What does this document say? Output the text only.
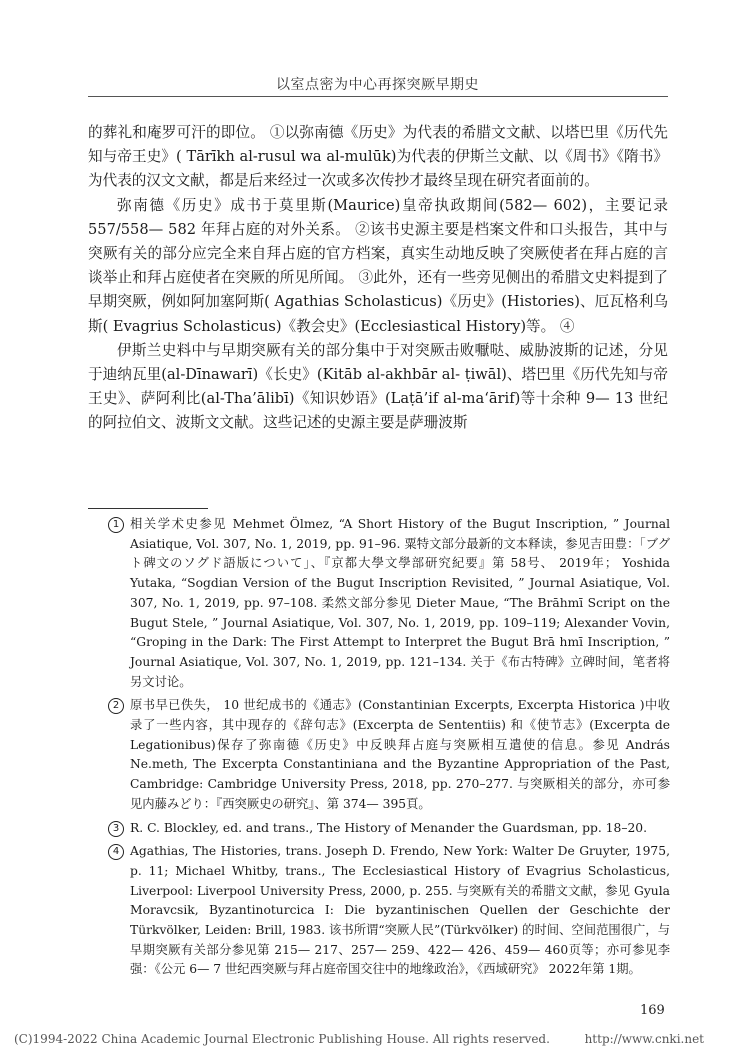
以室点密为中心再探突厥早期史

的葬礼和庵罗可汗的即位。 ①以弥南德《历史》为代表的希腊文文献、以塔巴里《历代先知与帝王史》( Tārīkh al-rusul wa al-mulūk)为代表的伊斯兰文献、以《周书》《隋书》为代表的汉文文献，都是后来经过一次或多次传抄才最终呈现在研究者面前的。

弥南德《历史》成书于莫里斯(Maurice)皇帝执政期间(582— 602)，主要记录 557/558— 582 年拜占庭的对外关系。 ②该书史源主要是档案文件和口头报告，其中与突厥有关的部分应完全来自拜占庭的官方档案，真实生动地反映了突厥使者在拜占庭的言谈举止和拜占庭使者在突厥的所见所闻。 ③此外，还有一些旁见侧出的希腊文史料提到了早期突厥，例如阿加塞阿斯( Agathias Scholasticus)《历史》(Histories)、厄瓦格利乌斯( Evagrius Scholasticus)《教会史》(Ecclesiastical History)等。 ④

伊斯兰史料中与早期突厥有关的部分集中于对突厥击败嚈哒、威胁波斯的记述，分见于迪纳瓦里(al-Dīnawarī)《长史》(Kitāb al-akhbār al- ṭiwāl)、塔巴里《历代先知与帝王史》、萨阿利比(al-Tha’ālibī)《知识妙语》(Laṭā’if al-ma‘ārif)等十余种 9— 13 世纪的阿拉伯文、波斯文文献。这些记述的史源主要是萨珊波斯

1 相关学术史参见 Mehmet Ölmez, “A Short History of the Bugut Inscription, ” Journal Asiatique, Vol. 307, No. 1, 2019, pp. 91–96. 粟特文部分最新的文本释读，参见吉田豊：「ブグト碑文のソグド語版について」、『京都大學文學部研究紀要』第 58号、 2019年； Yoshida Yutaka, “Sogdian Version of the Bugut Inscription Revisited, ” Journal Asiatique, Vol. 307, No. 1, 2019, pp. 97–108. 柔然文部分参见 Dieter Maue, “The Brāhmī Script on the Bugut Stele, ” Journal Asiatique, Vol. 307, No. 1, 2019, pp. 109–119; Alexander Vovin, “Groping in the Dark: The First Attempt to Interpret the Bugut Brā hmī Inscription, ” Journal Asiatique, Vol. 307, No. 1, 2019, pp. 121–134. 关于《布古特碑》立碑时间，笔者将另文讨论。
2 原书早已佚失， 10 世纪成书的《通志》(Constantinian Excerpts, Excerpta Historica )中收录了一些内容，其中现存的《辞句志》(Excerpta de Sententiis) 和《使节志》(Excerpta de Legationibus)保存了弥南德《历史》中反映拜占庭与突厥相互遣使的信息。参见 András Ne.meth, The Excerpta Constantiniana and the Byzantine Appropriation of the Past, Cambridge: Cambridge University Press, 2018, pp. 270–277. 与突厥相关的部分，亦可参见内藤みどり：『西突厥史の研究』、第 374— 395頁。
3 R. C. Blockley, ed. and trans., The History of Menander the Guardsman, pp. 18–20.
4 Agathias, The Histories, trans. Joseph D. Frendo, New York: Walter De Gruyter, 1975, p. 11; Michael Whitby, trans., The Ecclesiastical History of Evagrius Scholasticus, Liverpool: Liverpool University Press, 2000, p. 255. 与突厥有关的希腊文文献，参见 Gyula Moravcsik, Byzantinoturcica I: Die byzantinischen Quellen der Geschichte der Türkvölker, Leiden: Brill, 1983. 该书所谓“突厥人民”(Türkvölker) 的时间、空间范围很广，与早期突厥有关部分参见第 215— 217、257— 259、422— 426、459— 460页等；亦可参见李强：《公元 6— 7 世纪西突厥与拜占庭帝国交往中的地缘政治》，《西域研究》 2022年第 1期。
169
(C)1994-2022 China Academic Journal Electronic Publishing House. All rights reserved.	http://www.cnki.net
